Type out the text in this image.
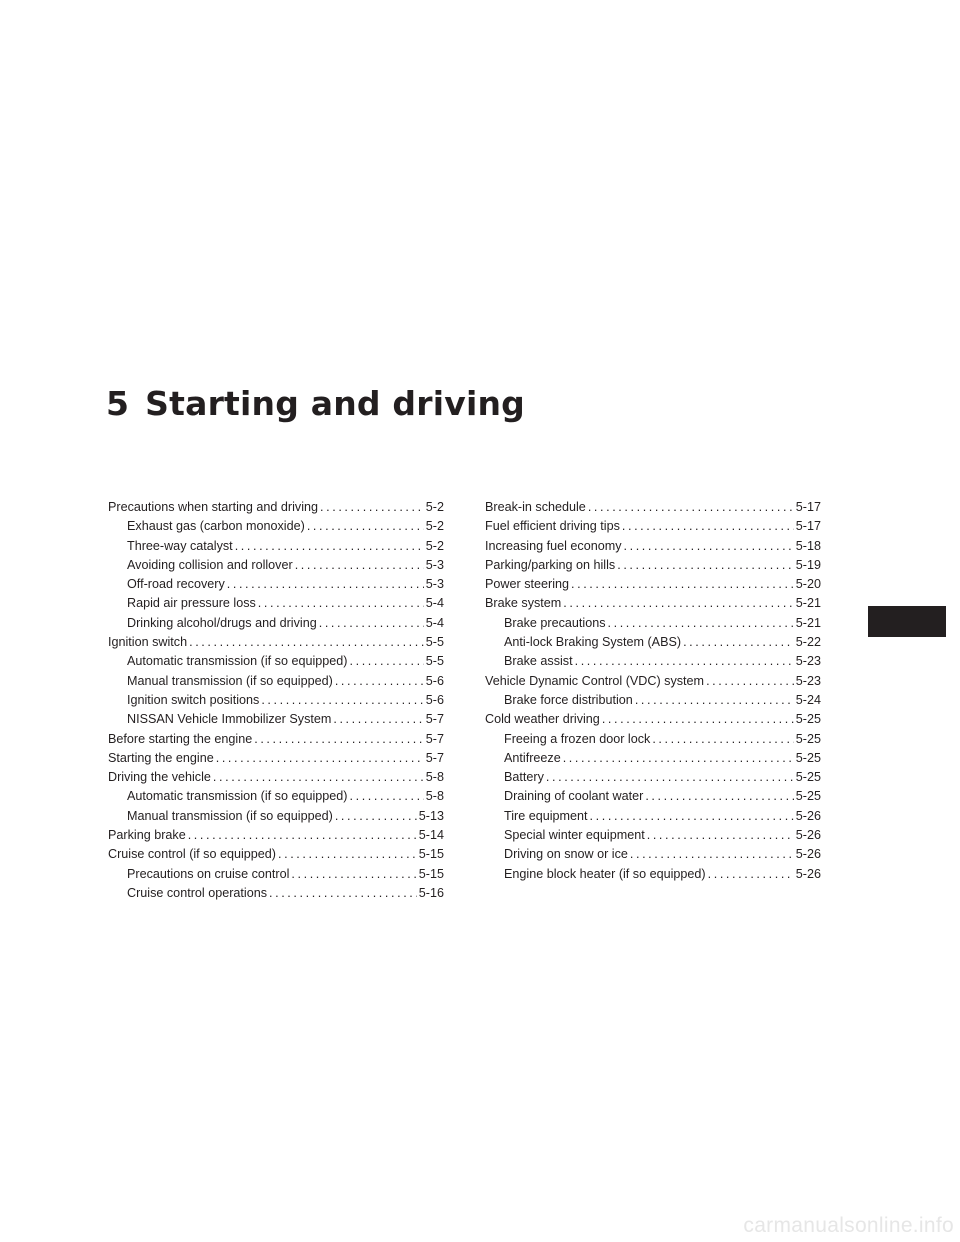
5 Starting and driving
Precautions when starting and driving .....	5-2
Exhaust gas (carbon monoxide) .....	5-2
Three-way catalyst .....	5-2
Avoiding collision and rollover .....	5-3
Off-road recovery .....	5-3
Rapid air pressure loss .....	5-4
Drinking alcohol/drugs and driving .....	5-4
Ignition switch .....	5-5
Automatic transmission (if so equipped) .....	5-5
Manual transmission (if so equipped) .....	5-6
Ignition switch positions .....	5-6
NISSAN Vehicle Immobilizer System .....	5-7
Before starting the engine .....	5-7
Starting the engine .....	5-7
Driving the vehicle .....	5-8
Automatic transmission (if so equipped) .....	5-8
Manual transmission (if so equipped) .....	5-13
Parking brake .....	5-14
Cruise control (if so equipped) .....	5-15
Precautions on cruise control .....	5-15
Cruise control operations .....	5-16
Break-in schedule .....	5-17
Fuel efficient driving tips .....	5-17
Increasing fuel economy .....	5-18
Parking/parking on hills .....	5-19
Power steering .....	5-20
Brake system .....	5-21
Brake precautions .....	5-21
Anti-lock Braking System (ABS) .....	5-22
Brake assist .....	5-23
Vehicle Dynamic Control (VDC) system .....	5-23
Brake force distribution .....	5-24
Cold weather driving .....	5-25
Freeing a frozen door lock .....	5-25
Antifreeze .....	5-25
Battery .....	5-25
Draining of coolant water .....	5-25
Tire equipment .....	5-26
Special winter equipment .....	5-26
Driving on snow or ice .....	5-26
Engine block heater (if so equipped) .....	5-26
carmanualsonline.info
